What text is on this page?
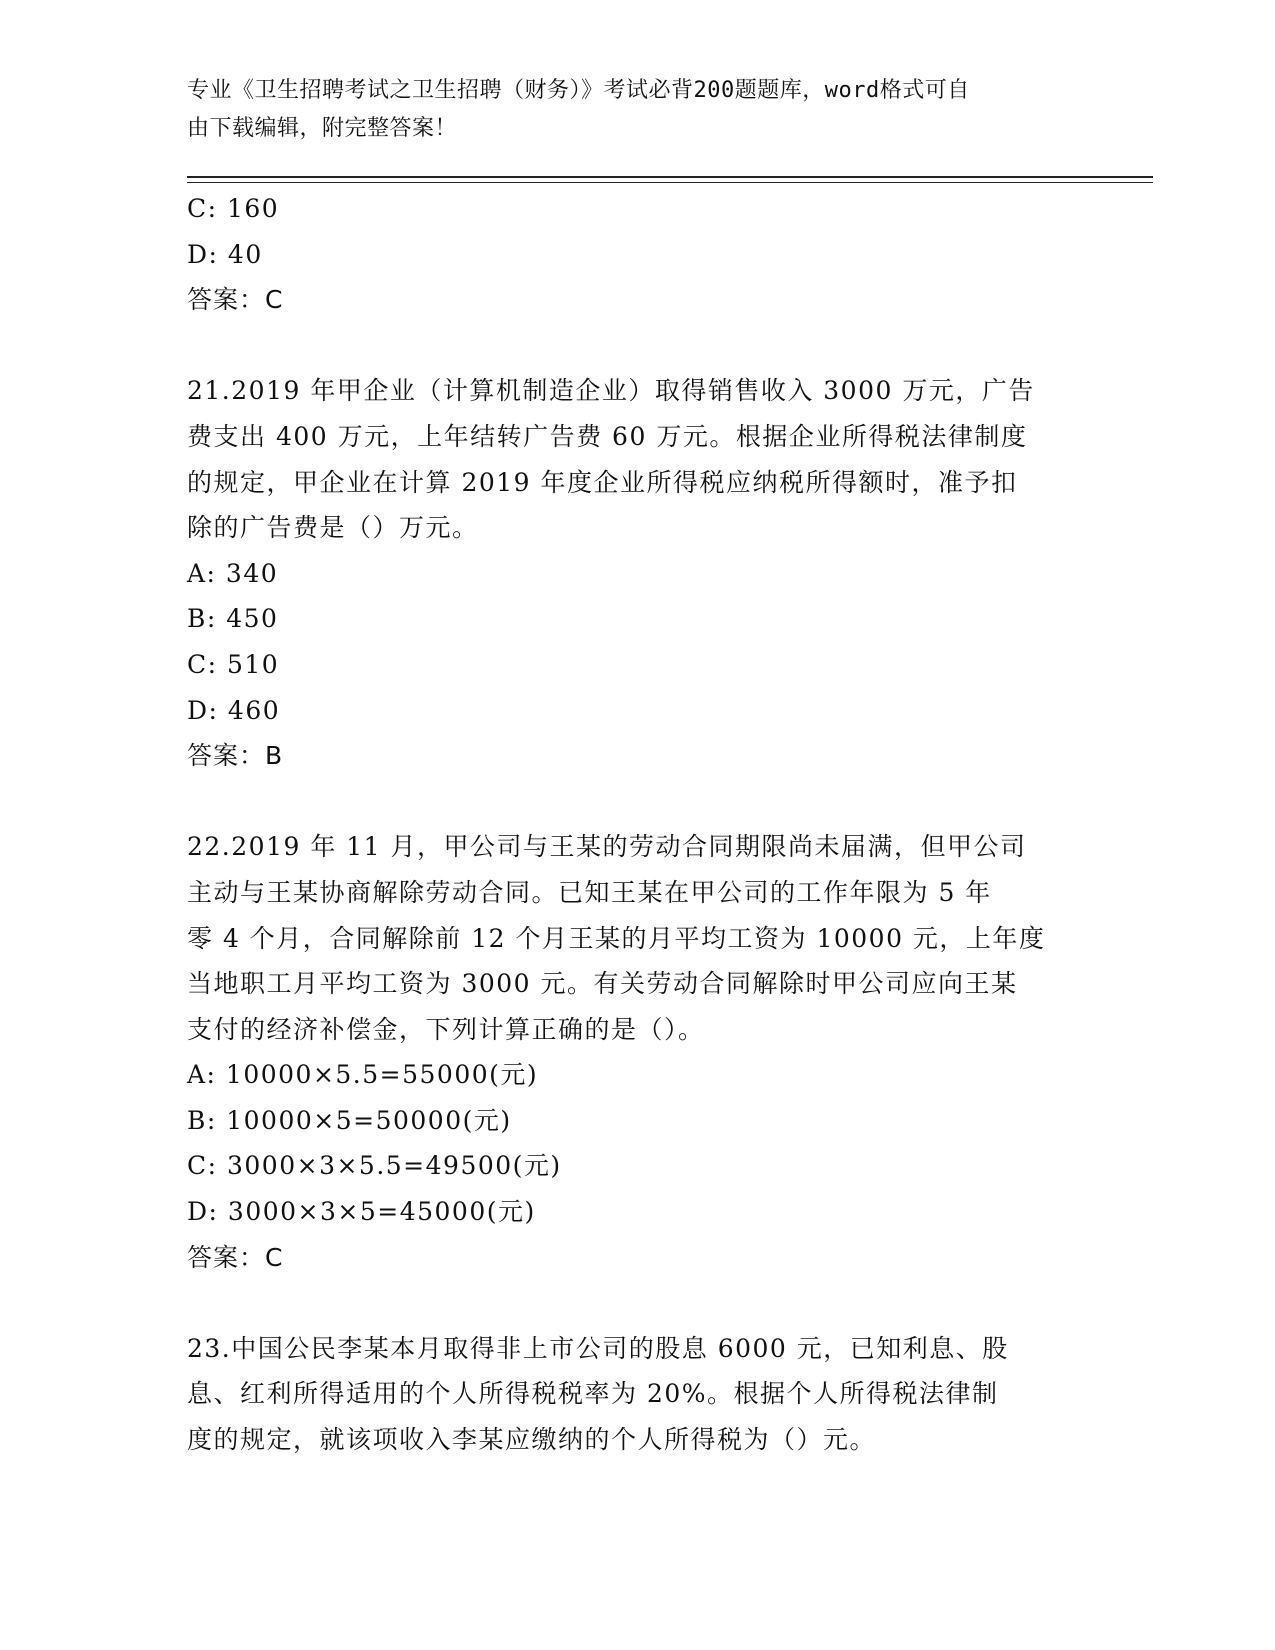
专业《卫生招聘考试之卫生招聘（财务）》考试必背200题题库，word格式可自
由下载编辑，附完整答案！
C: 160
D: 40
答案：C
21.2019 年甲企业（计算机制造企业）取得销售收入 3000 万元，广告
费支出 400 万元，上年结转广告费 60 万元。根据企业所得税法律制度
的规定，甲企业在计算 2019 年度企业所得税应纳税所得额时，准予扣
除的广告费是（）万元。
A: 340
B: 450
C: 510
D: 460
答案：B
22.2019 年 11 月，甲公司与王某的劳动合同期限尚未届满，但甲公司
主动与王某协商解除劳动合同。已知王某在甲公司的工作年限为 5 年
零 4 个月，合同解除前 12 个月王某的月平均工资为 10000 元，上年度
当地职工月平均工资为 3000 元。有关劳动合同解除时甲公司应向王某
支付的经济补偿金，下列计算正确的是（）。
A: 10000×5.5=55000(元)
B: 10000×5=50000(元)
C: 3000×3×5.5=49500(元)
D: 3000×3×5=45000(元)
答案：C
23.中国公民李某本月取得非上市公司的股息 6000 元，已知利息、股
息、红利所得适用的个人所得税税率为 20%。根据个人所得税法律制
度的规定，就该项收入李某应缴纳的个人所得税为（）元。
